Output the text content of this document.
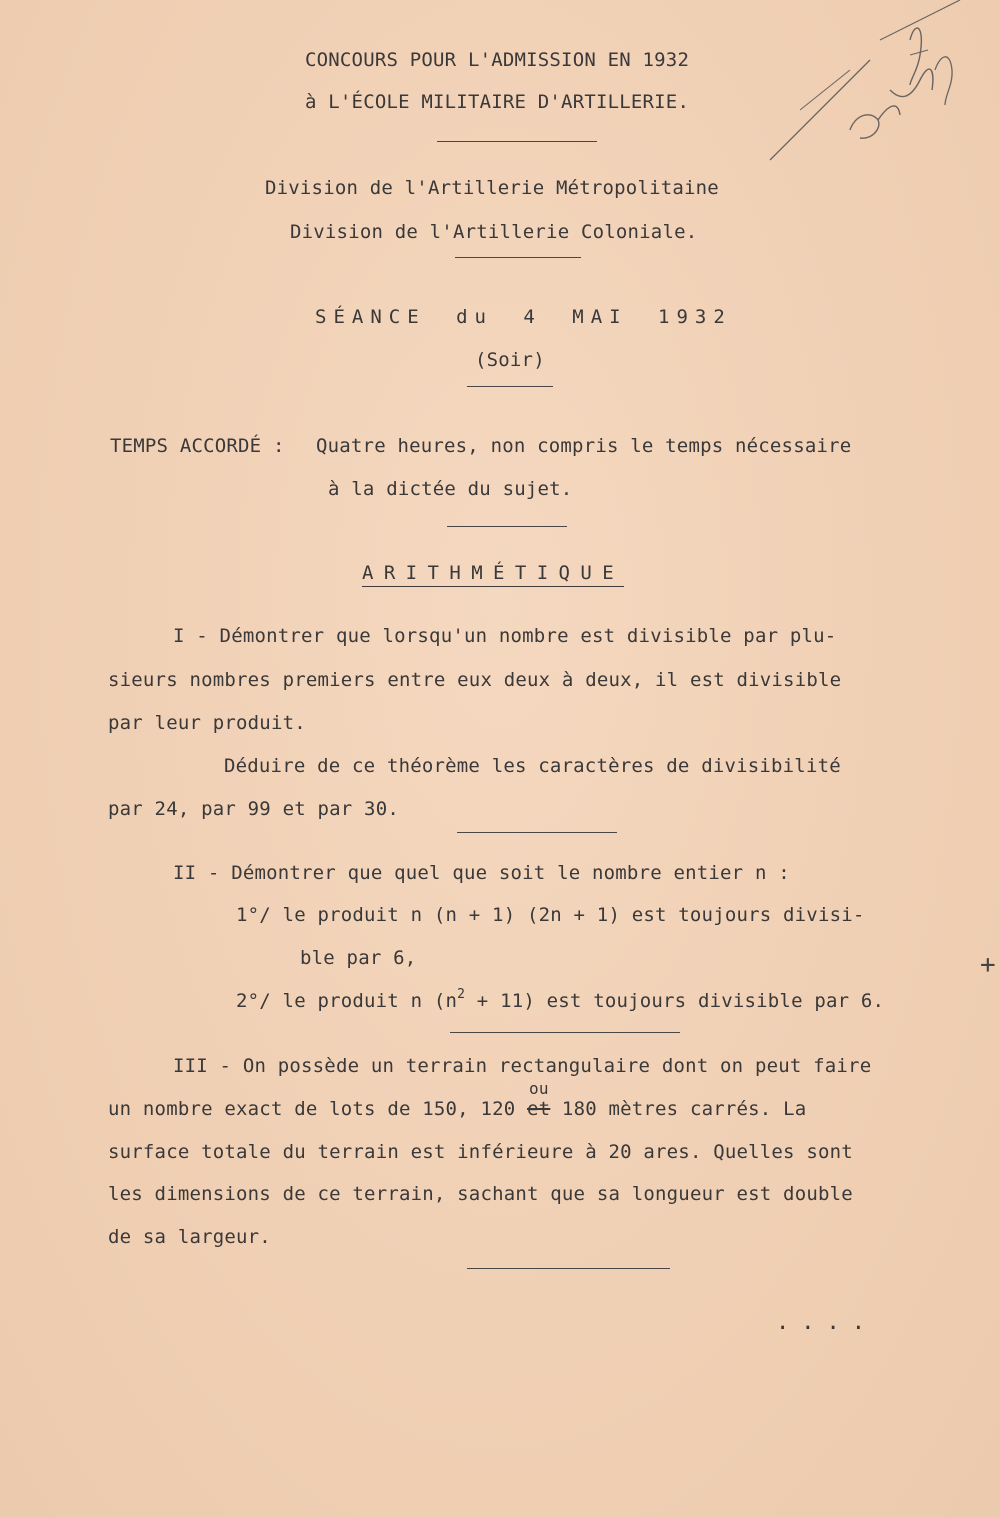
CONCOURS POUR L'ADMISSION EN 1932
à L'ÉCOLE MILITAIRE D'ARTILLERIE.
Division de l'Artillerie Métropolitaine
Division de l'Artillerie Coloniale.
SÉANCE du 4 MAI 1932
(Soir)
TEMPS ACCORDÉ : Quatre heures, non compris le temps nécessaire
à la dictée du sujet.
ARITHMÉTIQUE
I - Démontrer que lorsqu'un nombre est divisible par plu-
sieurs nombres premiers entre eux deux à deux, il est divisible
par leur produit.
Déduire de ce théorème les caractères de divisibilité
par 24, par 99 et par 30.
II - Démontrer que quel que soit le nombre entier n :
1°/ le produit n (n + 1) (2n + 1) est toujours divisi-
ble par 6,
2°/ le produit n $(n^2 + 11)$ est toujours divisible par 6.
III - On possède un terrain rectangulaire dont on peut faire
un nombre exact de lots de 150, 120
ou
et 180 mètres carrés. La
surface totale du terrain est inférieure à 20 ares. Quelles sont
les dimensions de ce terrain, sachant que sa longueur est double
de sa largeur.
....
+
